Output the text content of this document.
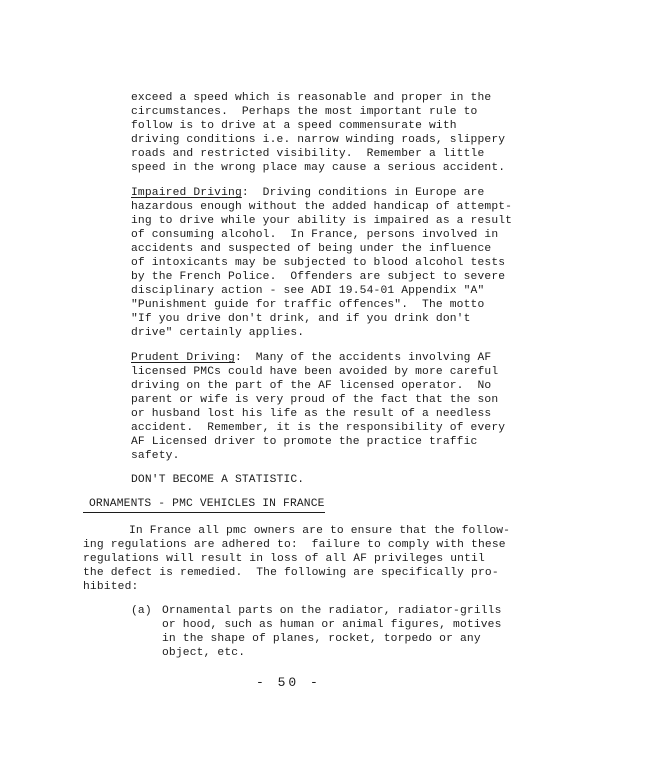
exceed a speed which is reasonable and proper in the
circumstances.  Perhaps the most important rule to
follow is to drive at a speed commensurate with
driving conditions i.e. narrow winding roads, slippery
roads and restricted visibility.  Remember a little
speed in the wrong place may cause a serious accident.
Impaired Driving:  Driving conditions in Europe are
hazardous enough without the added handicap of attempt-
ing to drive while your ability is impaired as a result
of consuming alcohol.  In France, persons involved in
accidents and suspected of being under the influence
of intoxicants may be subjected to blood alcohol tests
by the French Police.  Offenders are subject to severe
disciplinary action - see ADI 19.54-01 Appendix "A"
"Punishment guide for traffic offences".  The motto
"If you drive don't drink, and if you drink don't
drive" certainly applies.
Prudent Driving:  Many of the accidents involving AF
licensed PMCs could have been avoided by more careful
driving on the part of the AF licensed operator.  No
parent or wife is very proud of the fact that the son
or husband lost his life as the result of a needless
accident.  Remember, it is the responsibility of every
AF Licensed driver to promote the practice traffic
safety.
DON'T BECOME A STATISTIC.
ORNAMENTS - PMC VEHICLES IN FRANCE
In France all pmc owners are to ensure that the follow-
ing regulations are adhered to:  failure to comply with these
regulations will result in loss of all AF privileges until
the defect is remedied.  The following are specifically pro-
hibited:
(a) Ornamental parts on the radiator, radiator-grills
or hood, such as human or animal figures, motives
in the shape of planes, rocket, torpedo or any
object, etc.
- 50 -
